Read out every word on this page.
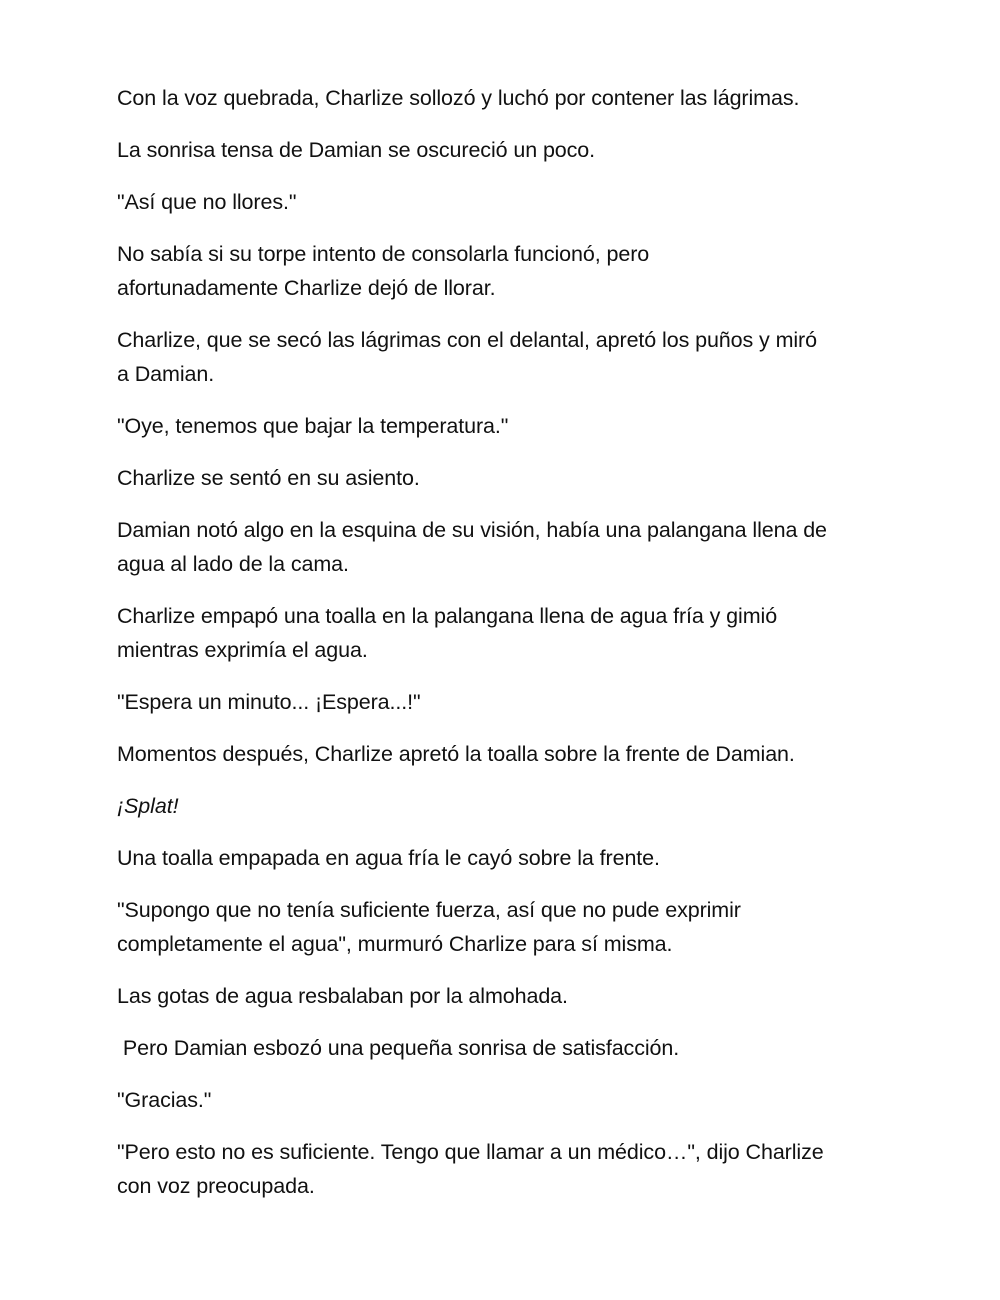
Con la voz quebrada, Charlize sollozó y luchó por contener las lágrimas.

La sonrisa tensa de Damian se oscureció un poco.

"Así que no llores."

No sabía si su torpe intento de consolarla funcionó, pero
afortunadamente Charlize dejó de llorar.

Charlize, que se secó las lágrimas con el delantal, apretó los puños y miró
a Damian.

"Oye, tenemos que bajar la temperatura."

Charlize se sentó en su asiento.

Damian notó algo en la esquina de su visión, había una palangana llena de
agua al lado de la cama.

Charlize empapó una toalla en la palangana llena de agua fría y gimió
mientras exprimía el agua.

"Espera un minuto... ¡Espera...!"

Momentos después, Charlize apretó la toalla sobre la frente de Damian.

¡Splat!

Una toalla empapada en agua fría le cayó sobre la frente.

"Supongo que no tenía suficiente fuerza, así que no pude exprimir
completamente el agua", murmuró Charlize para sí misma.

Las gotas de agua resbalaban por la almohada.

Pero Damian esbozó una pequeña sonrisa de satisfacción.

"Gracias."

"Pero esto no es suficiente. Tengo que llamar a un médico…", dijo Charlize
con voz preocupada.
